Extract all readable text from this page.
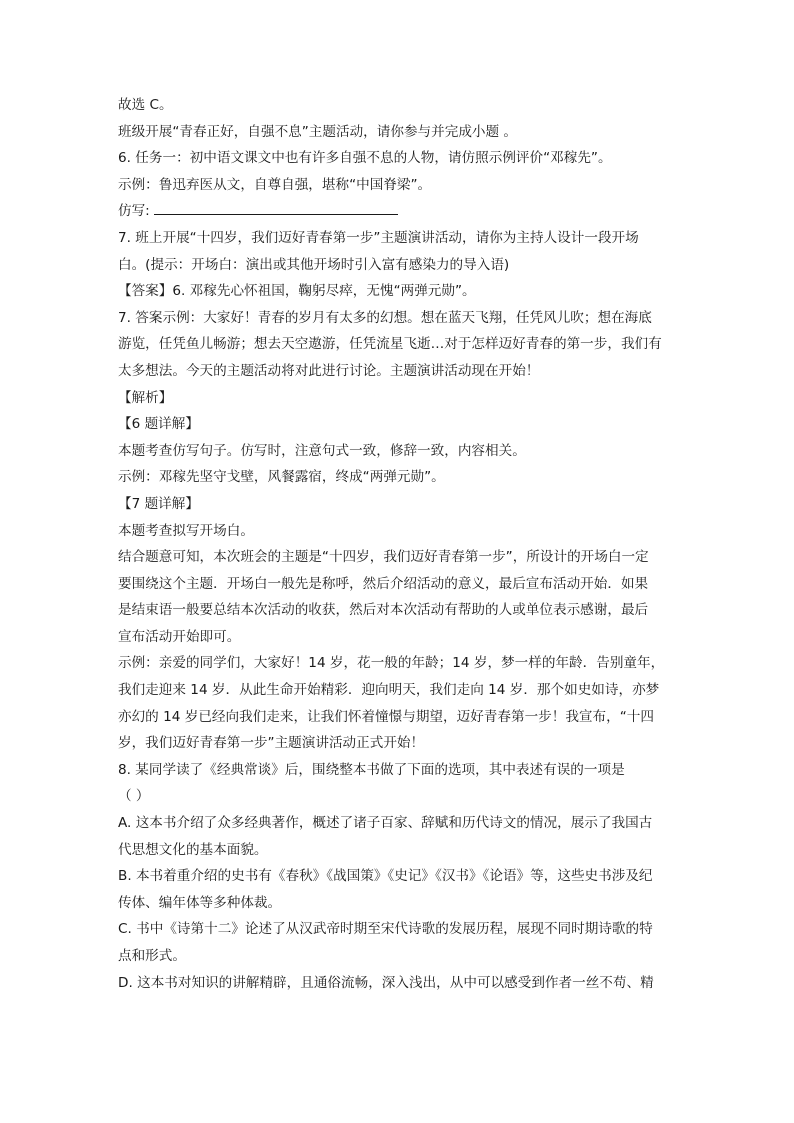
故选 C。
班级开展“青春正好，自强不息”主题活动，请你参与并完成小题 。
6. 任务一：初中语文课文中也有许多自强不息的人物，请仿照示例评价“邓稼先”。
示例：鲁迅弃医从文，自尊自强，堪称“中国脊梁”。
仿写:
7. 班上开展“十四岁，我们迈好青春第一步”主题演讲活动，请你为主持人设计一段开场
白。(提示：开场白：演出或其他开场时引入富有感染力的导入语)
【答案】6. 邓稼先心怀祖国，鞠躬尽瘁，无愧“两弹元勋”。
7. 答案示例：大家好！青春的岁月有太多的幻想。想在蓝天飞翔，任凭风儿吹；想在海底
游览，任凭鱼儿畅游；想去天空遨游，任凭流星飞逝…对于怎样迈好青春的第一步，我们有
太多想法。今天的主题活动将对此进行讨论。主题演讲活动现在开始！
【解析】
【6 题详解】
本题考查仿写句子。仿写时，注意句式一致，修辞一致，内容相关。
示例：邓稼先坚守戈壁，风餐露宿，终成“两弹元勋”。
【7 题详解】
本题考查拟写开场白。
结合题意可知，本次班会的主题是“十四岁，我们迈好青春第一步”，所设计的开场白一定
要围绕这个主题．开场白一般先是称呼，然后介绍活动的意义，最后宣布活动开始．如果
是结束语一般要总结本次活动的收获，然后对本次活动有帮助的人或单位表示感谢，最后
宣布活动开始即可。
示例：亲爱的同学们，大家好！14 岁，花一般的年龄；14 岁，梦一样的年龄．告别童年，
我们走迎来 14 岁．从此生命开始精彩．迎向明天，我们走向 14 岁．那个如史如诗，亦梦
亦幻的 14 岁已经向我们走来，让我们怀着憧憬与期望，迈好青春第一步！我宣布，“十四
岁，我们迈好青春第一步”主题演讲活动正式开始！
8. 某同学读了《经典常谈》后，围绕整本书做了下面的选项，其中表述有误的一项是
（ ）
A. 这本书介绍了众多经典著作，概述了诸子百家、辞赋和历代诗文的情况，展示了我国古
代思想文化的基本面貌。
B. 本书着重介绍的史书有《春秋》《战国策》《史记》《汉书》《论语》等，这些史书涉及纪
传体、编年体等多种体裁。
C. 书中《诗第十二》论述了从汉武帝时期至宋代诗歌的发展历程，展现不同时期诗歌的特
点和形式。
D. 这本书对知识的讲解精辟，且通俗流畅，深入浅出，从中可以感受到作者一丝不苟、精
